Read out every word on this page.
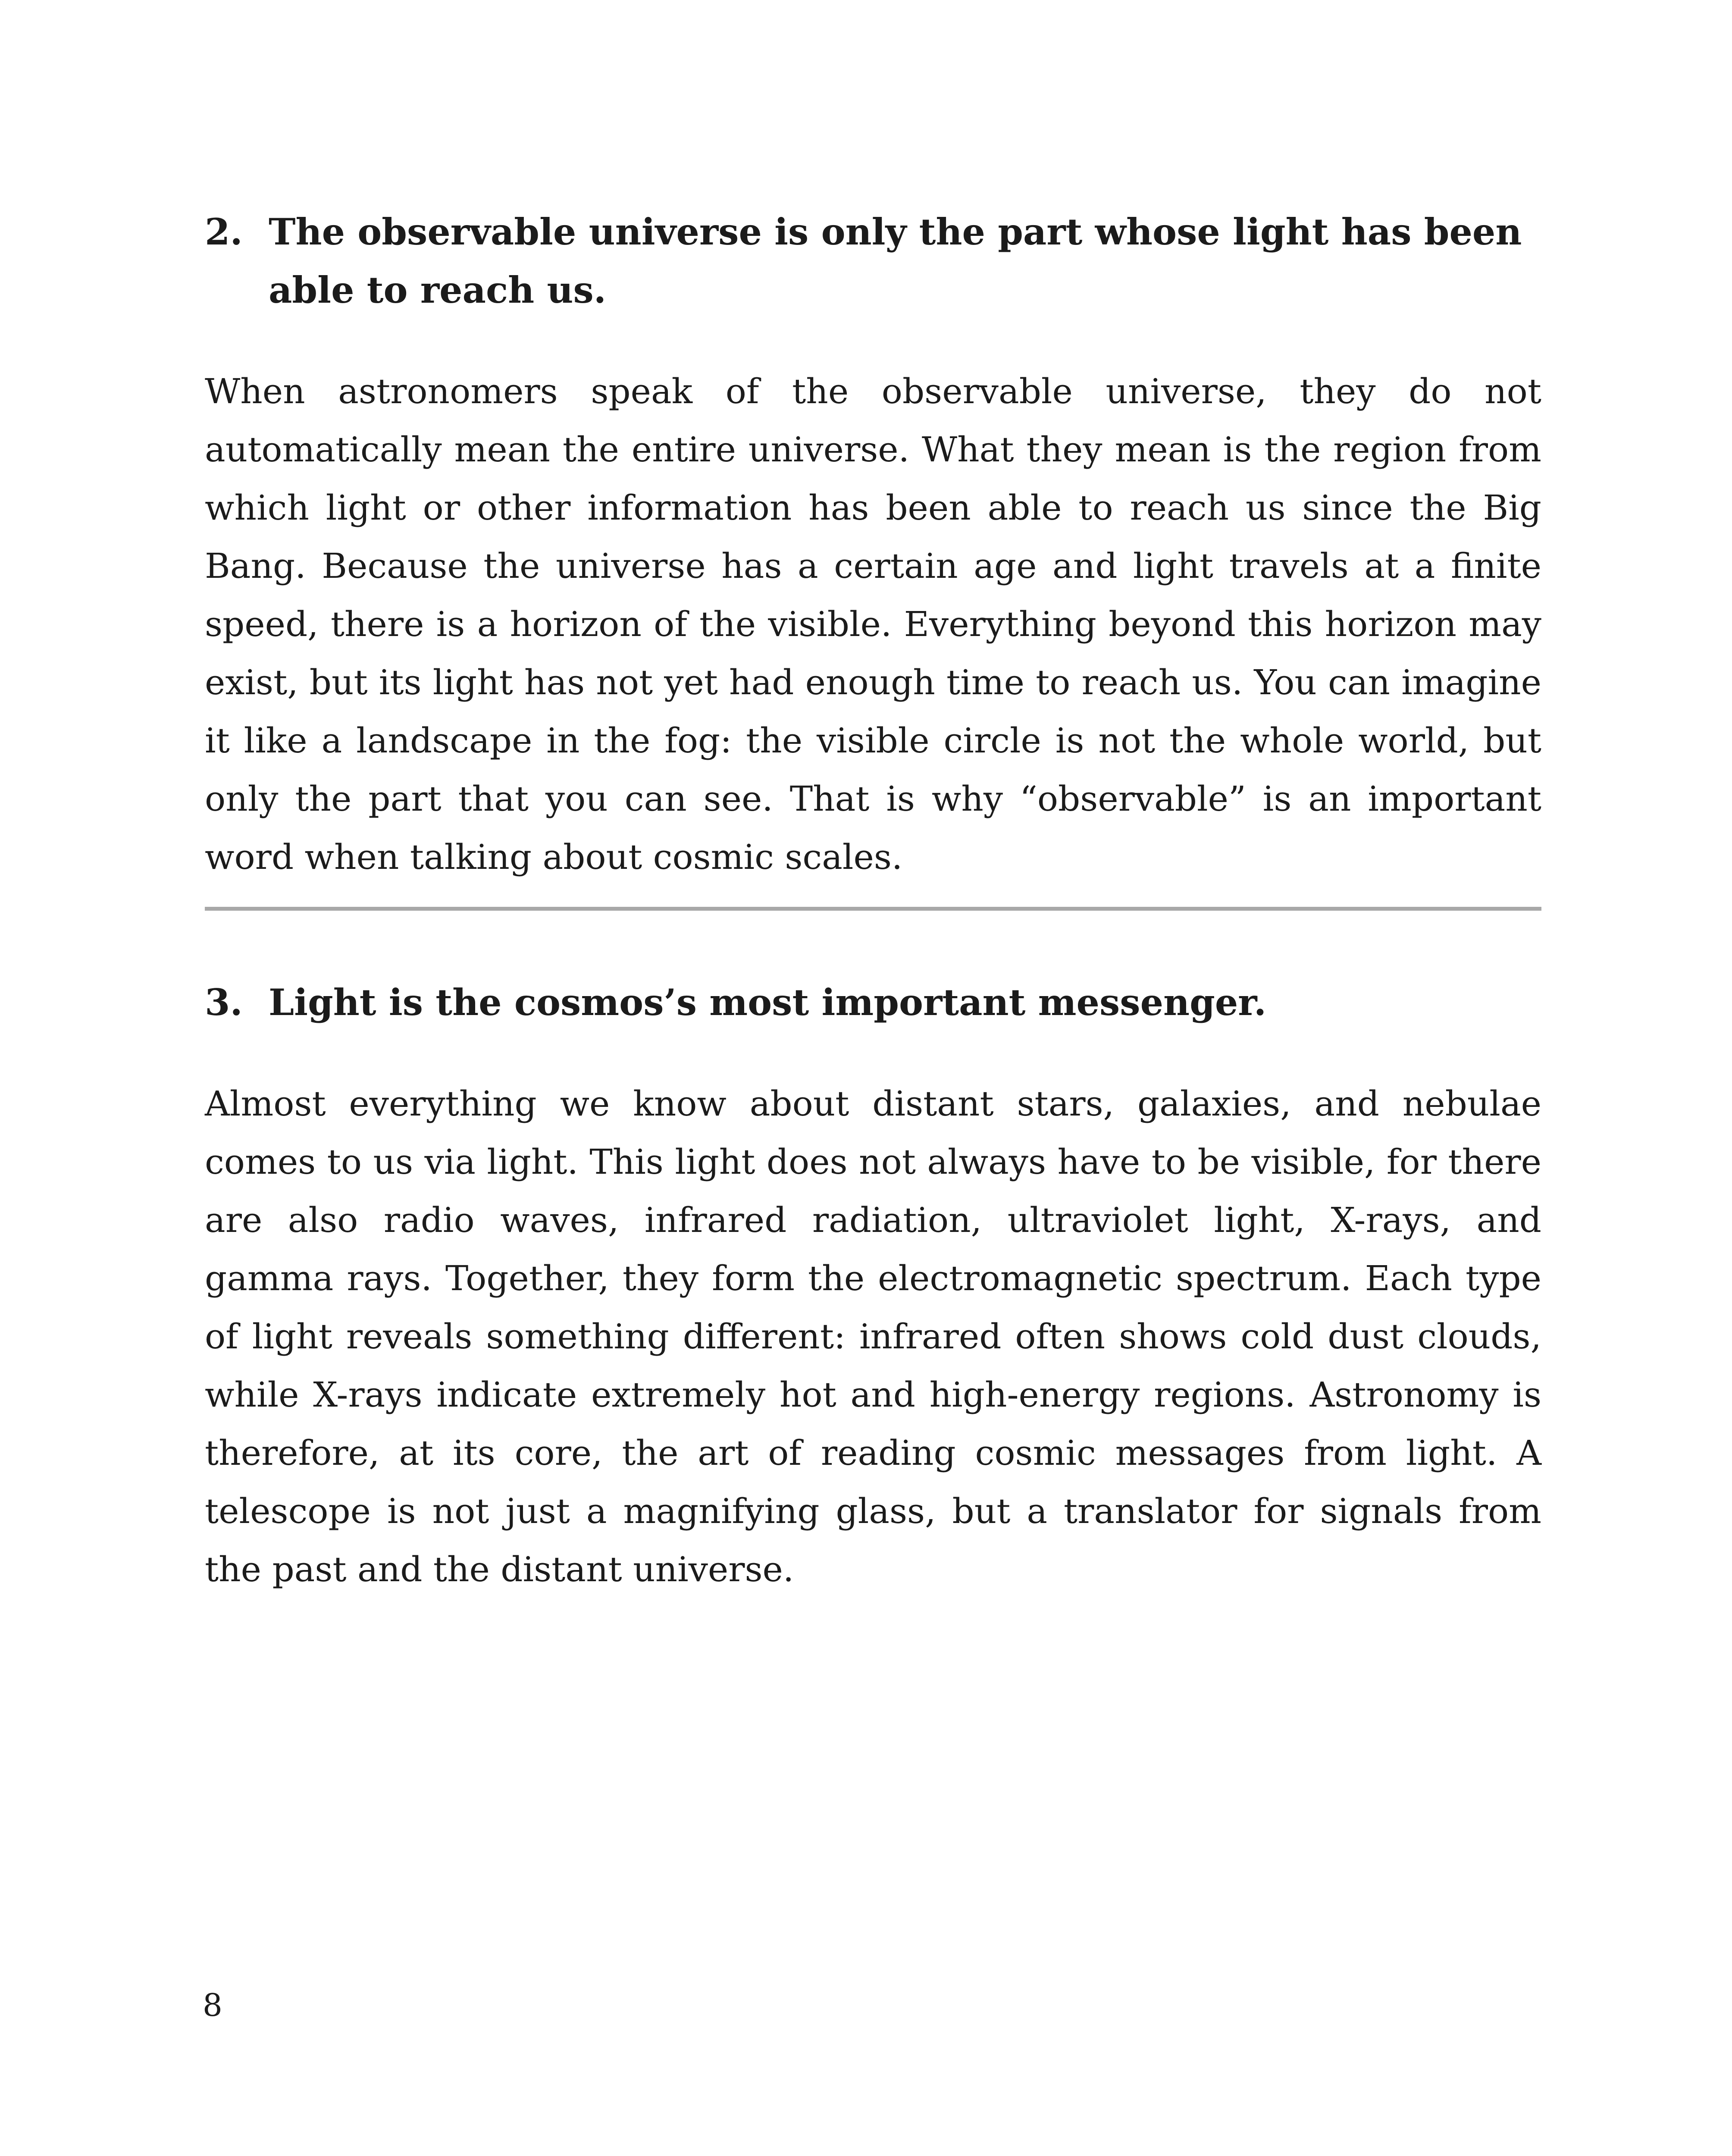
2. The observable universe is only the part whose light has been able to reach us.

When astronomers speak of the observable universe, they do not automatically mean the entire universe. What they mean is the region from which light or other information has been able to reach us since the Big Bang. Because the universe has a certain age and light travels at a finite speed, there is a horizon of the visible. Everything beyond this horizon may exist, but its light has not yet had enough time to reach us. You can imagine it like a landscape in the fog: the visible circle is not the whole world, but only the part that you can see. That is why “observable” is an important word when talking about cosmic scales.

3. Light is the cosmos’s most important messenger.

Almost everything we know about distant stars, galaxies, and nebulae comes to us via light. This light does not always have to be visible, for there are also radio waves, infrared radiation, ultraviolet light, X-rays, and gamma rays. Together, they form the electromagnetic spectrum. Each type of light reveals something different: infrared often shows cold dust clouds, while X-rays indicate extremely hot and high-energy regions. Astronomy is therefore, at its core, the art of reading cosmic messages from light. A telescope is not just a magnifying glass, but a translator for signals from the past and the distant universe.

8
